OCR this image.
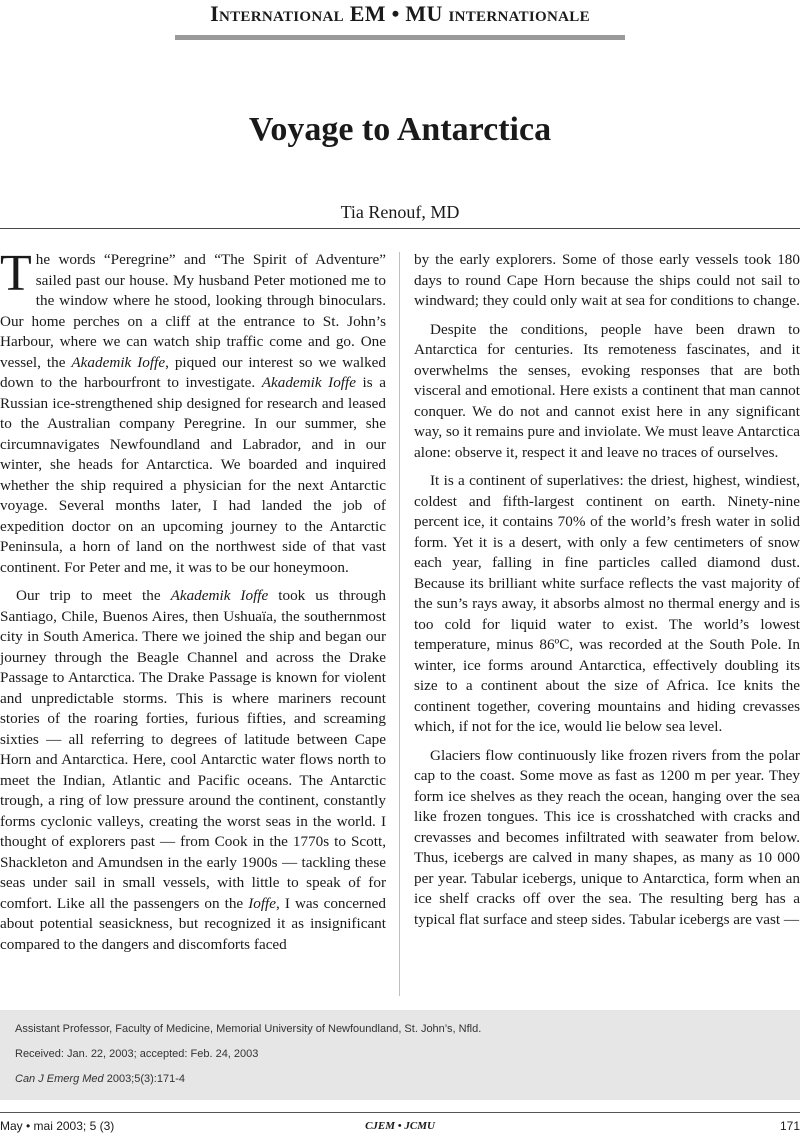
International EM • MU internationale
Voyage to Antarctica
Tia Renouf, MD

The words “Peregrine” and “The Spirit of Adventure” sailed past our house. My husband Peter motioned me to the window where he stood, looking through binoculars. Our home perches on a cliff at the entrance to St. John’s Harbour, where we can watch ship traffic come and go. One vessel, the Akademik Ioffe, piqued our interest so we walked down to the harbourfront to investigate. Akademik Ioffe is a Russian ice-strengthened ship designed for research and leased to the Australian company Peregrine. In our summer, she circumnavigates Newfoundland and Labrador, and in our winter, she heads for Antarctica. We boarded and inquired whether the ship required a physician for the next Antarctic voyage. Several months later, I had landed the job of expedition doctor on an upcoming journey to the Antarctic Peninsula, a horn of land on the northwest side of that vast continent. For Peter and me, it was to be our honeymoon.

Our trip to meet the Akademik Ioffe took us through Santiago, Chile, Buenos Aires, then Ushuaïa, the southernmost city in South America. There we joined the ship and began our journey through the Beagle Channel and across the Drake Passage to Antarctica. The Drake Passage is known for violent and unpredictable storms. This is where mariners recount stories of the roaring forties, furious fifties, and screaming sixties — all referring to degrees of latitude between Cape Horn and Antarctica. Here, cool Antarctic water flows north to meet the Indian, Atlantic and Pacific oceans. The Antarctic trough, a ring of low pressure around the continent, constantly forms cyclonic valleys, creating the worst seas in the world. I thought of explorers past — from Cook in the 1770s to Scott, Shackleton and Amundsen in the early 1900s — tackling these seas under sail in small vessels, with little to speak of for comfort. Like all the passengers on the Ioffe, I was concerned about potential seasickness, but recognized it as insignificant compared to the dangers and discomforts faced

by the early explorers. Some of those early vessels took 180 days to round Cape Horn because the ships could not sail to windward; they could only wait at sea for conditions to change.

Despite the conditions, people have been drawn to Antarctica for centuries. Its remoteness fascinates, and it overwhelms the senses, evoking responses that are both visceral and emotional. Here exists a continent that man cannot conquer. We do not and cannot exist here in any significant way, so it remains pure and inviolate. We must leave Antarctica alone: observe it, respect it and leave no traces of ourselves.

It is a continent of superlatives: the driest, highest, windiest, coldest and fifth-largest continent on earth. Ninety-nine percent ice, it contains 70% of the world’s fresh water in solid form. Yet it is a desert, with only a few centimeters of snow each year, falling in fine particles called diamond dust. Because its brilliant white surface reflects the vast majority of the sun’s rays away, it absorbs almost no thermal energy and is too cold for liquid water to exist. The world’s lowest temperature, minus 86ºC, was recorded at the South Pole. In winter, ice forms around Antarctica, effectively doubling its size to a continent about the size of Africa. Ice knits the continent together, covering mountains and hiding crevasses which, if not for the ice, would lie below sea level.

Glaciers flow continuously like frozen rivers from the polar cap to the coast. Some move as fast as 1200 m per year. They form ice shelves as they reach the ocean, hanging over the sea like frozen tongues. This ice is crosshatched with cracks and crevasses and becomes infiltrated with seawater from below. Thus, icebergs are calved in many shapes, as many as 10 000 per year. Tabular icebergs, unique to Antarctica, form when an ice shelf cracks off over the sea. The resulting berg has a typical flat surface and steep sides. Tabular icebergs are vast —

Assistant Professor, Faculty of Medicine, Memorial University of Newfoundland, St. John’s, Nfld.
Received: Jan. 22, 2003; accepted: Feb. 24, 2003
Can J Emerg Med 2003;5(3):171-4
May • mai 2003; 5 (3)	CJEM • JCMU	171
